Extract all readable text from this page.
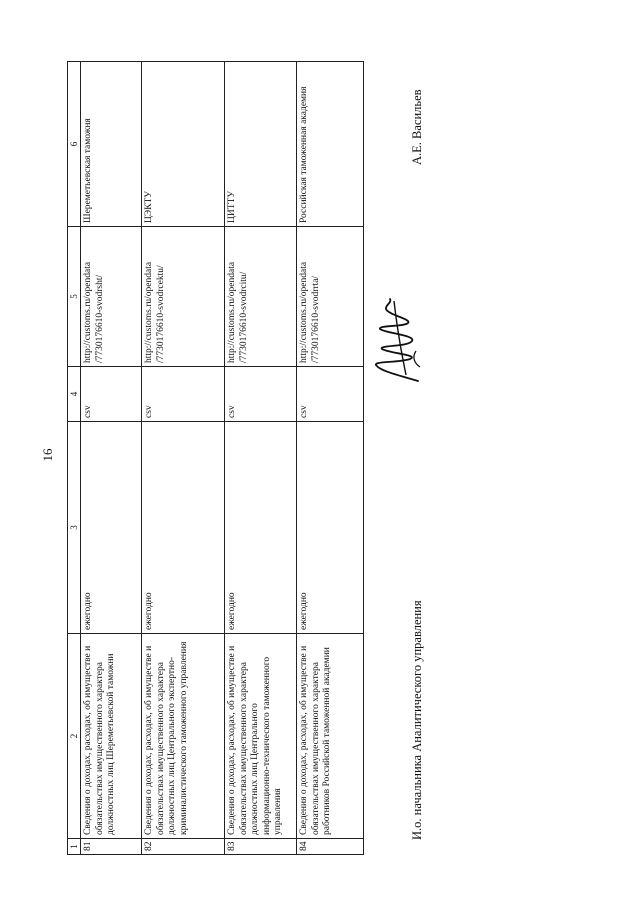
16
1	2	3	4	5	6
81	Сведения о доходах, расходах, об имуществе и обязательствах имущественного характера должностных лиц Шереметьевской таможни	ежегодно	csv	http://customs.ru/opendata /7730176610-svodrsht/	Шереметьевская таможня
82	Сведения о доходах, расходах, об имуществе и обязательствах имущественного характера должностных лиц Центрального экспертно-криминалистического таможенного управления	ежегодно	csv	http://customs.ru/opendata /7730176610-svodrcektu/	ЦЭКТУ
83	Сведения о доходах, расходах, об имуществе и обязательствах имущественного характера должностных лиц Центрального информационно-технического таможенного управления	ежегодно	csv	http://customs.ru/opendata /7730176610-svodrcitu/	ЦИТТУ
84	Сведения о доходах, расходах, об имуществе и обязательствах имущественного характера работников Российской таможенной академии	ежегодно	csv	http://customs.ru/opendata /7730176610-svodrrta/	Российская таможенная академия
И.о. начальника Аналитического управления
А.Е. Васильев
